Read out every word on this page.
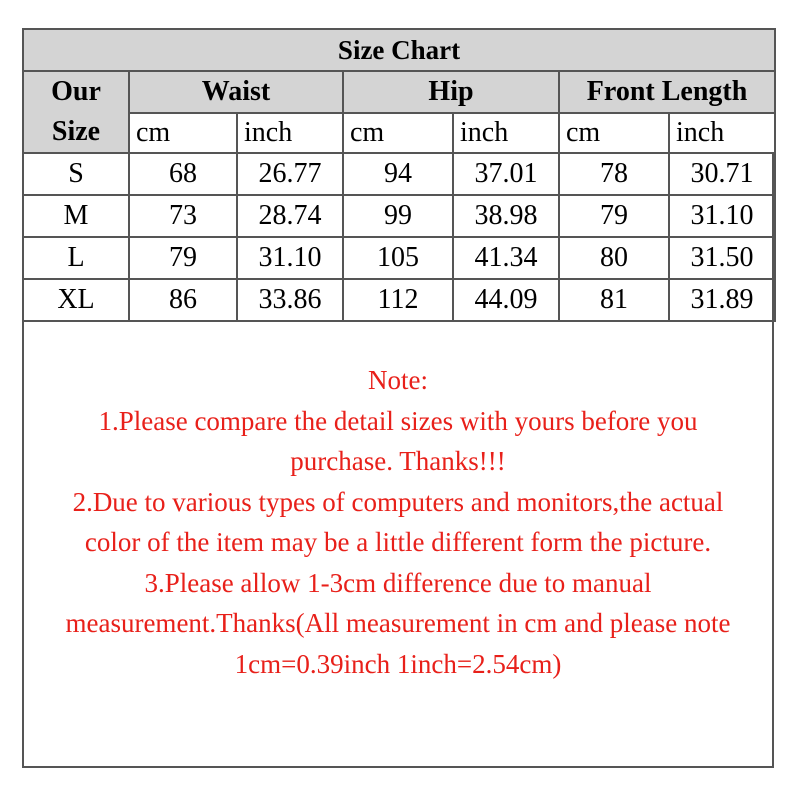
Size Chart						
Our
Size	Waist		Hip		Front Length	
	cm	inch	cm	inch	cm	inch
S	68	26.77	94	37.01	78	30.71
M	73	28.74	99	38.98	79	31.10
L	79	31.10	105	41.34	80	31.50
XL	86	33.86	112	44.09	81	31.89
Note:
1.Please compare the detail sizes with yours before you purchase. Thanks!!!
2.Due to various types of computers and monitors,the actual color of the item may be a little different form the picture.
3.Please allow 1-3cm difference due to manual measurement.Thanks(All measurement in cm and please note 1cm=0.39inch 1inch=2.54cm)
